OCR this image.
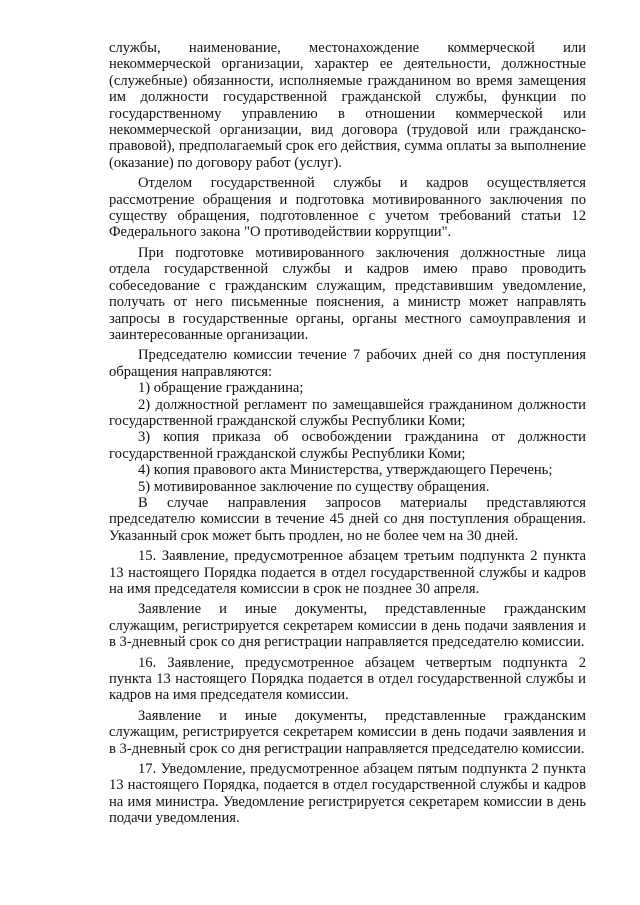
службы, наименование, местонахождение коммерческой или некоммерческой организации, характер ее деятельности, должностные (служебные) обязанности, исполняемые гражданином во время замещения им должности государственной гражданской службы, функции по государственному управлению в отношении коммерческой или некоммерческой организации, вид договора (трудовой или гражданско-правовой), предполагаемый срок его действия, сумма оплаты за выполнение (оказание) по договору работ (услуг).

Отделом государственной службы и кадров осуществляется рассмотрение обращения и подготовка мотивированного заключения по существу обращения, подготовленное с учетом требований статьи 12 Федерального закона "О противодействии коррупции".

При подготовке мотивированного заключения должностные лица отдела государственной службы и кадров имею право проводить собеседование с гражданским служащим, представившим уведомление, получать от него письменные пояснения, а министр может направлять запросы в государственные органы, органы местного самоуправления и заинтересованные организации.

Председателю комиссии течение 7 рабочих дней со дня поступления обращения направляются:

1) обращение гражданина;

2) должностной регламент по замещавшейся гражданином должности государственной гражданской службы Республики Коми;

3) копия приказа об освобождении гражданина от должности государственной гражданской службы Республики Коми;

4) копия правового акта Министерства, утверждающего Перечень;

5) мотивированное заключение по существу обращения.

В случае направления запросов материалы представляются председателю комиссии в течение 45 дней со дня поступления обращения. Указанный срок может быть продлен, но не более чем на 30 дней.

15. Заявление, предусмотренное абзацем третьим подпункта 2 пункта 13 настоящего Порядка подается в отдел государственной службы и кадров на имя председателя комиссии в срок не позднее 30 апреля.

Заявление и иные документы, представленные гражданским служащим, регистрируется секретарем комиссии в день подачи заявления и в 3-дневный срок со дня регистрации направляется председателю комиссии.

16. Заявление, предусмотренное абзацем четвертым подпункта 2 пункта 13 настоящего Порядка подается в отдел государственной службы и кадров на имя председателя комиссии.

Заявление и иные документы, представленные гражданским служащим, регистрируется секретарем комиссии в день подачи заявления и в 3-дневный срок со дня регистрации направляется председателю комиссии.

17. Уведомление, предусмотренное абзацем пятым подпункта 2 пункта 13 настоящего Порядка, подается в отдел государственной службы и кадров на имя министра. Уведомление регистрируется секретарем комиссии в день подачи уведомления.
